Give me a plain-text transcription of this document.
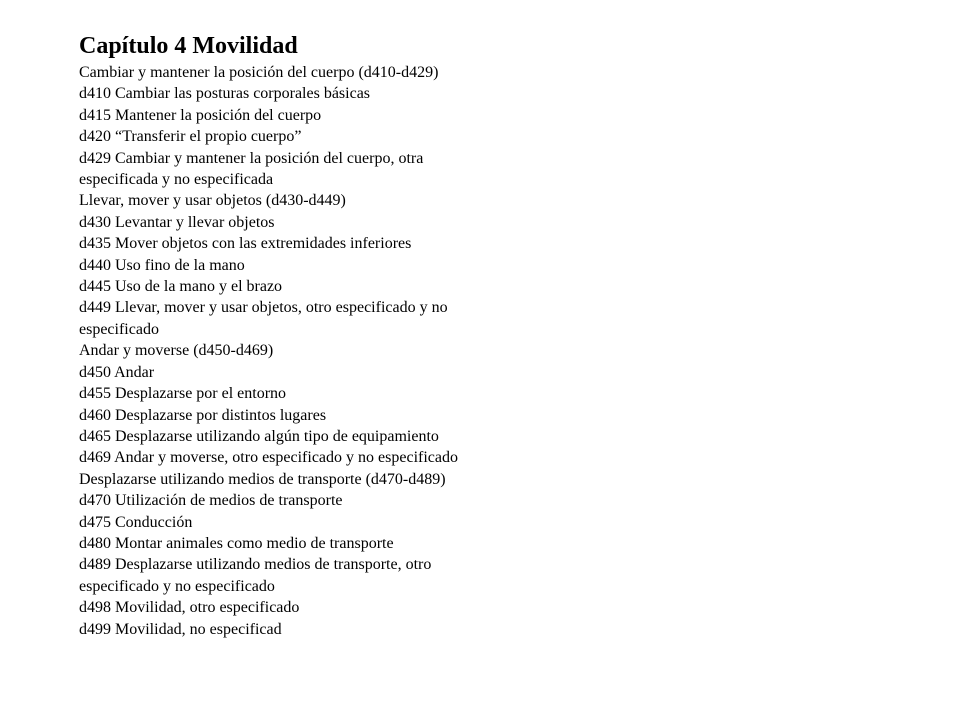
Capítulo 4 Movilidad
Cambiar y mantener la posición del cuerpo (d410-d429)
d410 Cambiar las posturas corporales básicas
d415 Mantener la posición del cuerpo
d420 “Transferir el propio cuerpo”
d429 Cambiar y mantener la posición del cuerpo, otra
especificada y no especificada
Llevar, mover y usar objetos (d430-d449)
d430 Levantar y llevar objetos
d435 Mover objetos con las extremidades inferiores
d440 Uso fino de la mano
d445 Uso de la mano y el brazo
d449 Llevar, mover y usar objetos, otro especificado y no
especificado
Andar y moverse (d450-d469)
d450 Andar
d455 Desplazarse por el entorno
d460 Desplazarse por distintos lugares
d465 Desplazarse utilizando algún tipo de equipamiento
d469 Andar y moverse, otro especificado y no especificado
Desplazarse utilizando medios de transporte (d470-d489)
d470 Utilización de medios de transporte
d475 Conducción
d480 Montar animales como medio de transporte
d489 Desplazarse utilizando medios de transporte, otro
especificado y no especificado
d498 Movilidad, otro especificado
d499 Movilidad, no especificad
